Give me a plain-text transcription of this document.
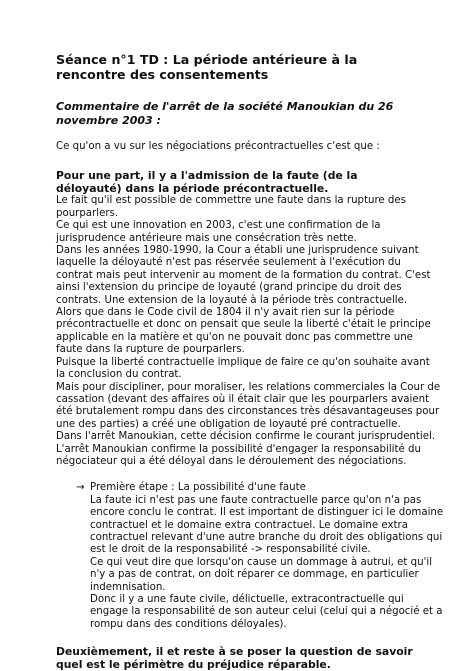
Séance n°1 TD : La période antérieure à la rencontre des consentements
Commentaire de l'arrêt de la société Manoukian du 26 novembre 2003 :
Ce qu'on a vu sur les négociations précontractuelles c'est que :
Pour une part, il y a l'admission de la faute (de la déloyauté) dans la période précontractuelle.
Le fait qu'il est possible de commettre une faute dans la rupture des
pourparlers.
Ce qui est une innovation en 2003, c'est une confirmation de la
jurisprudence antérieure mais une consécration très nette.
Dans les années 1980-1990, la Cour a établi une jurisprudence suivant
laquelle la déloyauté n'est pas réservée seulement à l'exécution du
contrat mais peut intervenir au moment de la formation du contrat. C'est
ainsi l'extension du principe de loyauté (grand principe du droit des
contrats. Une extension de la loyauté à la période très contractuelle.
Alors que dans le Code civil de 1804 il n'y avait rien sur la période
précontractuelle et donc on pensait que seule la liberté c'était le principe
applicable en la matière et qu'on ne pouvait donc pas commettre une
faute dans la rupture de pourparlers.
Puisque la liberté contractuelle implique de faire ce qu'on souhaite avant
la conclusion du contrat.
Mais pour discipliner, pour moraliser, les relations commerciales la Cour de
cassation (devant des affaires où il était clair que les pourparlers avaient
été brutalement rompu dans des circonstances très désavantageuses pour
une des parties) a créé une obligation de loyauté pré contractuelle.
Dans l'arrêt Manoukian, cette décision confirme le courant jurisprudentiel.
L'arrêt Manoukian confirme la possibilité d'engager la responsabilité du
négociateur qui a été déloyal dans le déroulement des négociations.
→ Première étape : La possibilité d'une faute
La faute ici n'est pas une faute contractuelle parce qu'on n'a pas
encore conclu le contrat. Il est important de distinguer ici le domaine
contractuel et le domaine extra contractuel. Le domaine extra
contractuel relevant d'une autre branche du droit des obligations qui
est le droit de la responsabilité -> responsabilité civile.
Ce qui veut dire que lorsqu'on cause un dommage à autrui, et qu'il
n'y a pas de contrat, on doit réparer ce dommage, en particulier
indemnisation.
Donc il y a une faute civile, délictuelle, extracontractuelle qui
engage la responsabilité de son auteur celui (celui qui a négocié et a
rompu dans des conditions déloyales).
Deuxièmement, il et reste à se poser la question de savoir quel est le périmètre du préjudice réparable.
